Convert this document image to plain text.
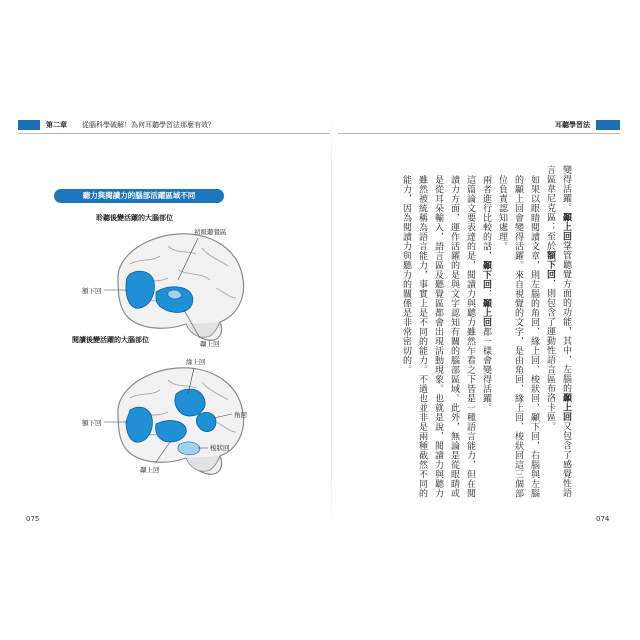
第二章 從腦科學破解！為何耳聽學習法那麼有效？	耳聽學習法
聽力與閱讀力的腦部活躍區域不同
聆聽後變活躍的大腦部位
閱讀後變活躍的大腦部位
初級聽覺區
額下回
顳上回
緣上回
額下回
角回
梭狀回
顳上回

變得活躍。顳上回掌管聽覺方面的功能，其中，左腦的顳上回又包含了感覺性語言區韋尼克區；至於額下回，則包含了運動性語言區布洛卡區。

如果以眼睛閱讀文章，則左腦的角回、緣上回、梭狀回、顳下回，右腦與左腦的顳上回會變得活躍。來自視覺的文字，是由角回、緣上回、梭狀回這三個部位負責認知處理。

兩者進行比較的話，顳下回、顳上回都一樣會變得活躍。

這篇論文要表達的是，閱讀力與聽力雖然乍看之下皆是一種語言能力，但在閱讀力方面，運作活躍的是與文字認知有關的腦部區域。此外，無論是從眼睛或是從耳朵輸入，語言區及聽覺區都會出現活動現象。也就是說，閱讀力與聽力雖然被統稱為語言能力，事實上是不同的能力。不過也並非是兩種截然不同的能力，因為閱讀力與聽力的關係是非常密切的。

075	074
